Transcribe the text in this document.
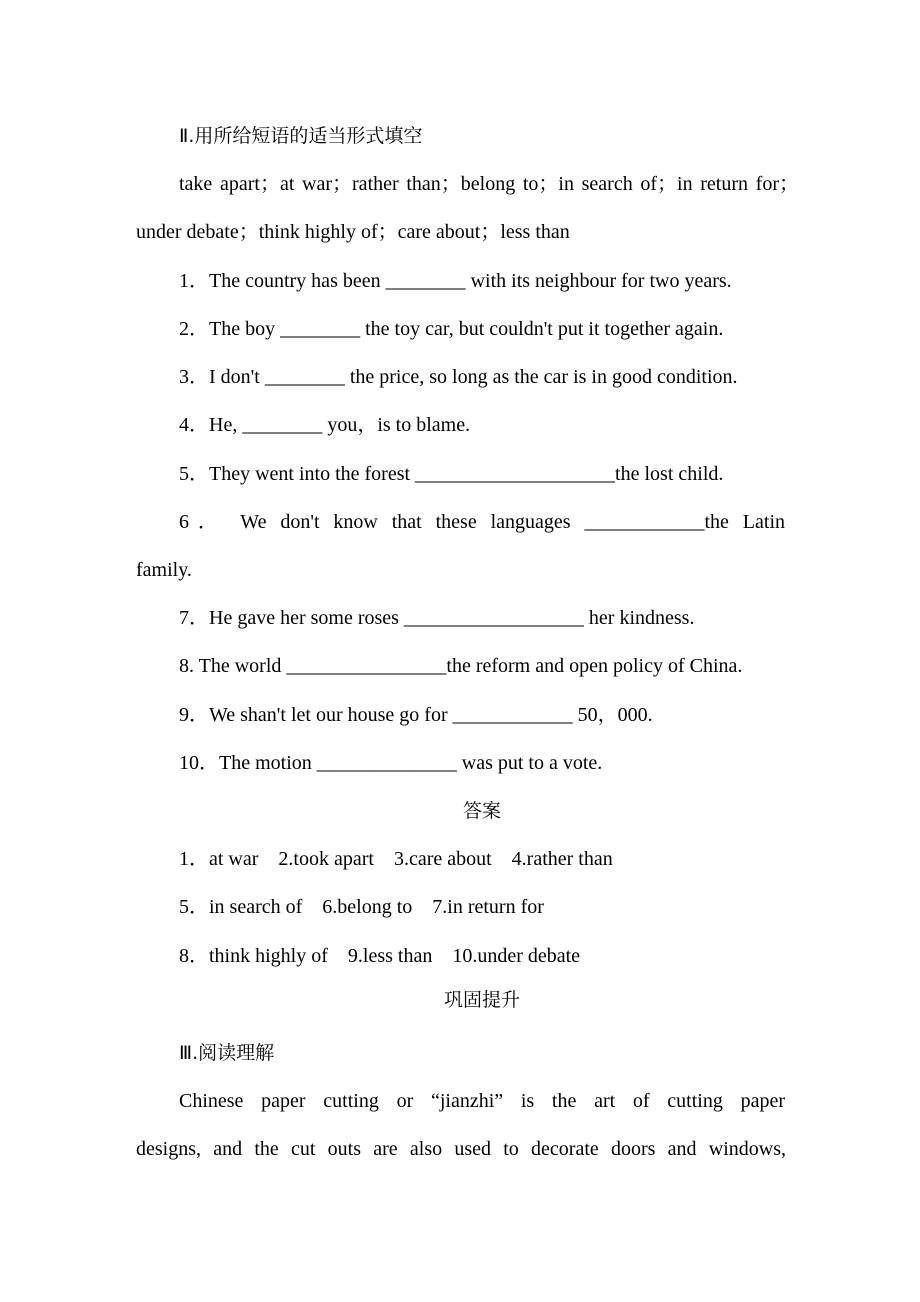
Ⅱ.用所给短语的适当形式填空
take apart；at war；rather than；belong to；in search of；in return for；
under debate；think highly of；care about；less than
1．The country has been ________ with its neighbour for two years.
2．The boy ________ the toy car, but couldn't put it together again.
3．I don't ________ the price, so long as the car is in good condition.
4．He, ________ you，is to blame.
5．They went into the forest ____________________the lost child.
6． We don't know that these languages ____________the Latin
family.
7．He gave her some roses __________________ her kindness.
8. The world ________________the reform and open policy of China.
9．We shan't let our house go for ____________ 50，000.
10．The motion ______________ was put to a vote.
答案
1．at war　2.took apart　3.care about　4.rather than
5．in search of　6.belong to　7.in return for
8．think highly of　9.less than　10.under debate
巩固提升
Ⅲ.阅读理解
Chinese paper cutting or “jianzhi” is the art of cutting paper
designs, and the cut outs are also used to decorate doors and windows,
